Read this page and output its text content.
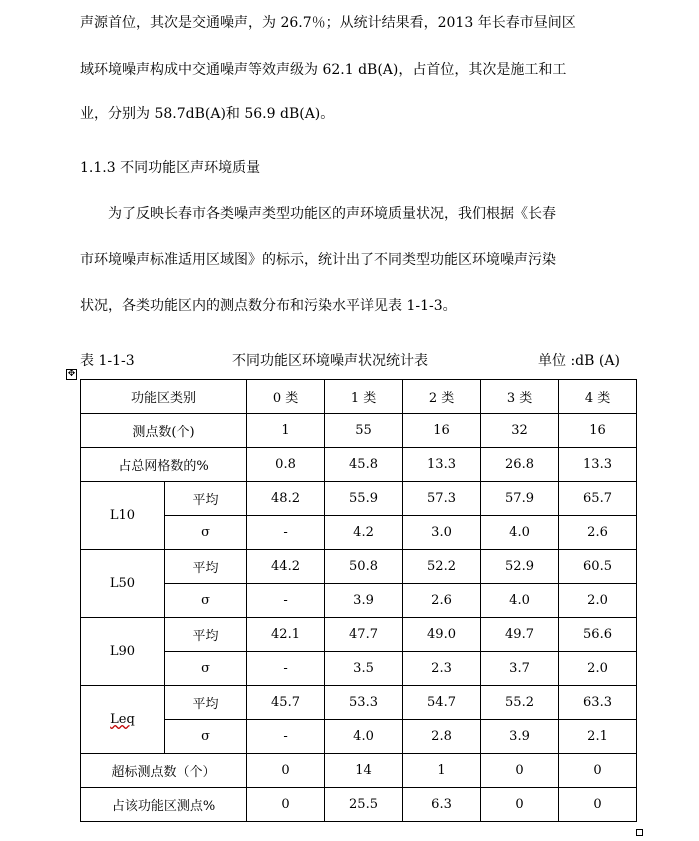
声源首位，其次是交通噪声，为 26.7％；从统计结果看，2013 年长春市昼间区
域环境噪声构成中交通噪声等效声级为 62.1 dB(A)，占首位，其次是施工和工
业，分别为 58.7dB(A)和 56.9 dB(A)。
1.1.3 不同功能区声环境质量
为了反映长春市各类噪声类型功能区的声环境质量状况，我们根据《长春
市环境噪声标准适用区域图》的标示，统计出了不同类型功能区环境噪声污染
状况，各类功能区内的测点数分布和污染水平详见表 1-1-3。
表 1-1-3	不同功能区环境噪声状况统计表	单位 :dB (A)
✥
功能区类别		0 类	1 类	2 类	3 类	4 类
测点数(个)		1	55	16	32	16
占总网格数的%		0.8	45.8	13.3	26.8	13.3
L10	平均	48.2	55.9	57.3	57.9	65.7
	σ	-	4.2	3.0	4.0	2.6
L50	平均	44.2	50.8	52.2	52.9	60.5
	σ	-	3.9	2.6	4.0	2.0
L90	平均	42.1	47.7	49.0	49.7	56.6
	σ	-	3.5	2.3	3.7	2.0
Leq	平均	45.7	53.3	54.7	55.2	63.3
	σ	-	4.0	2.8	3.9	2.1
超标测点数（个）		0	14	1	0	0
占该功能区测点%		0	25.5	6.3	0	0
